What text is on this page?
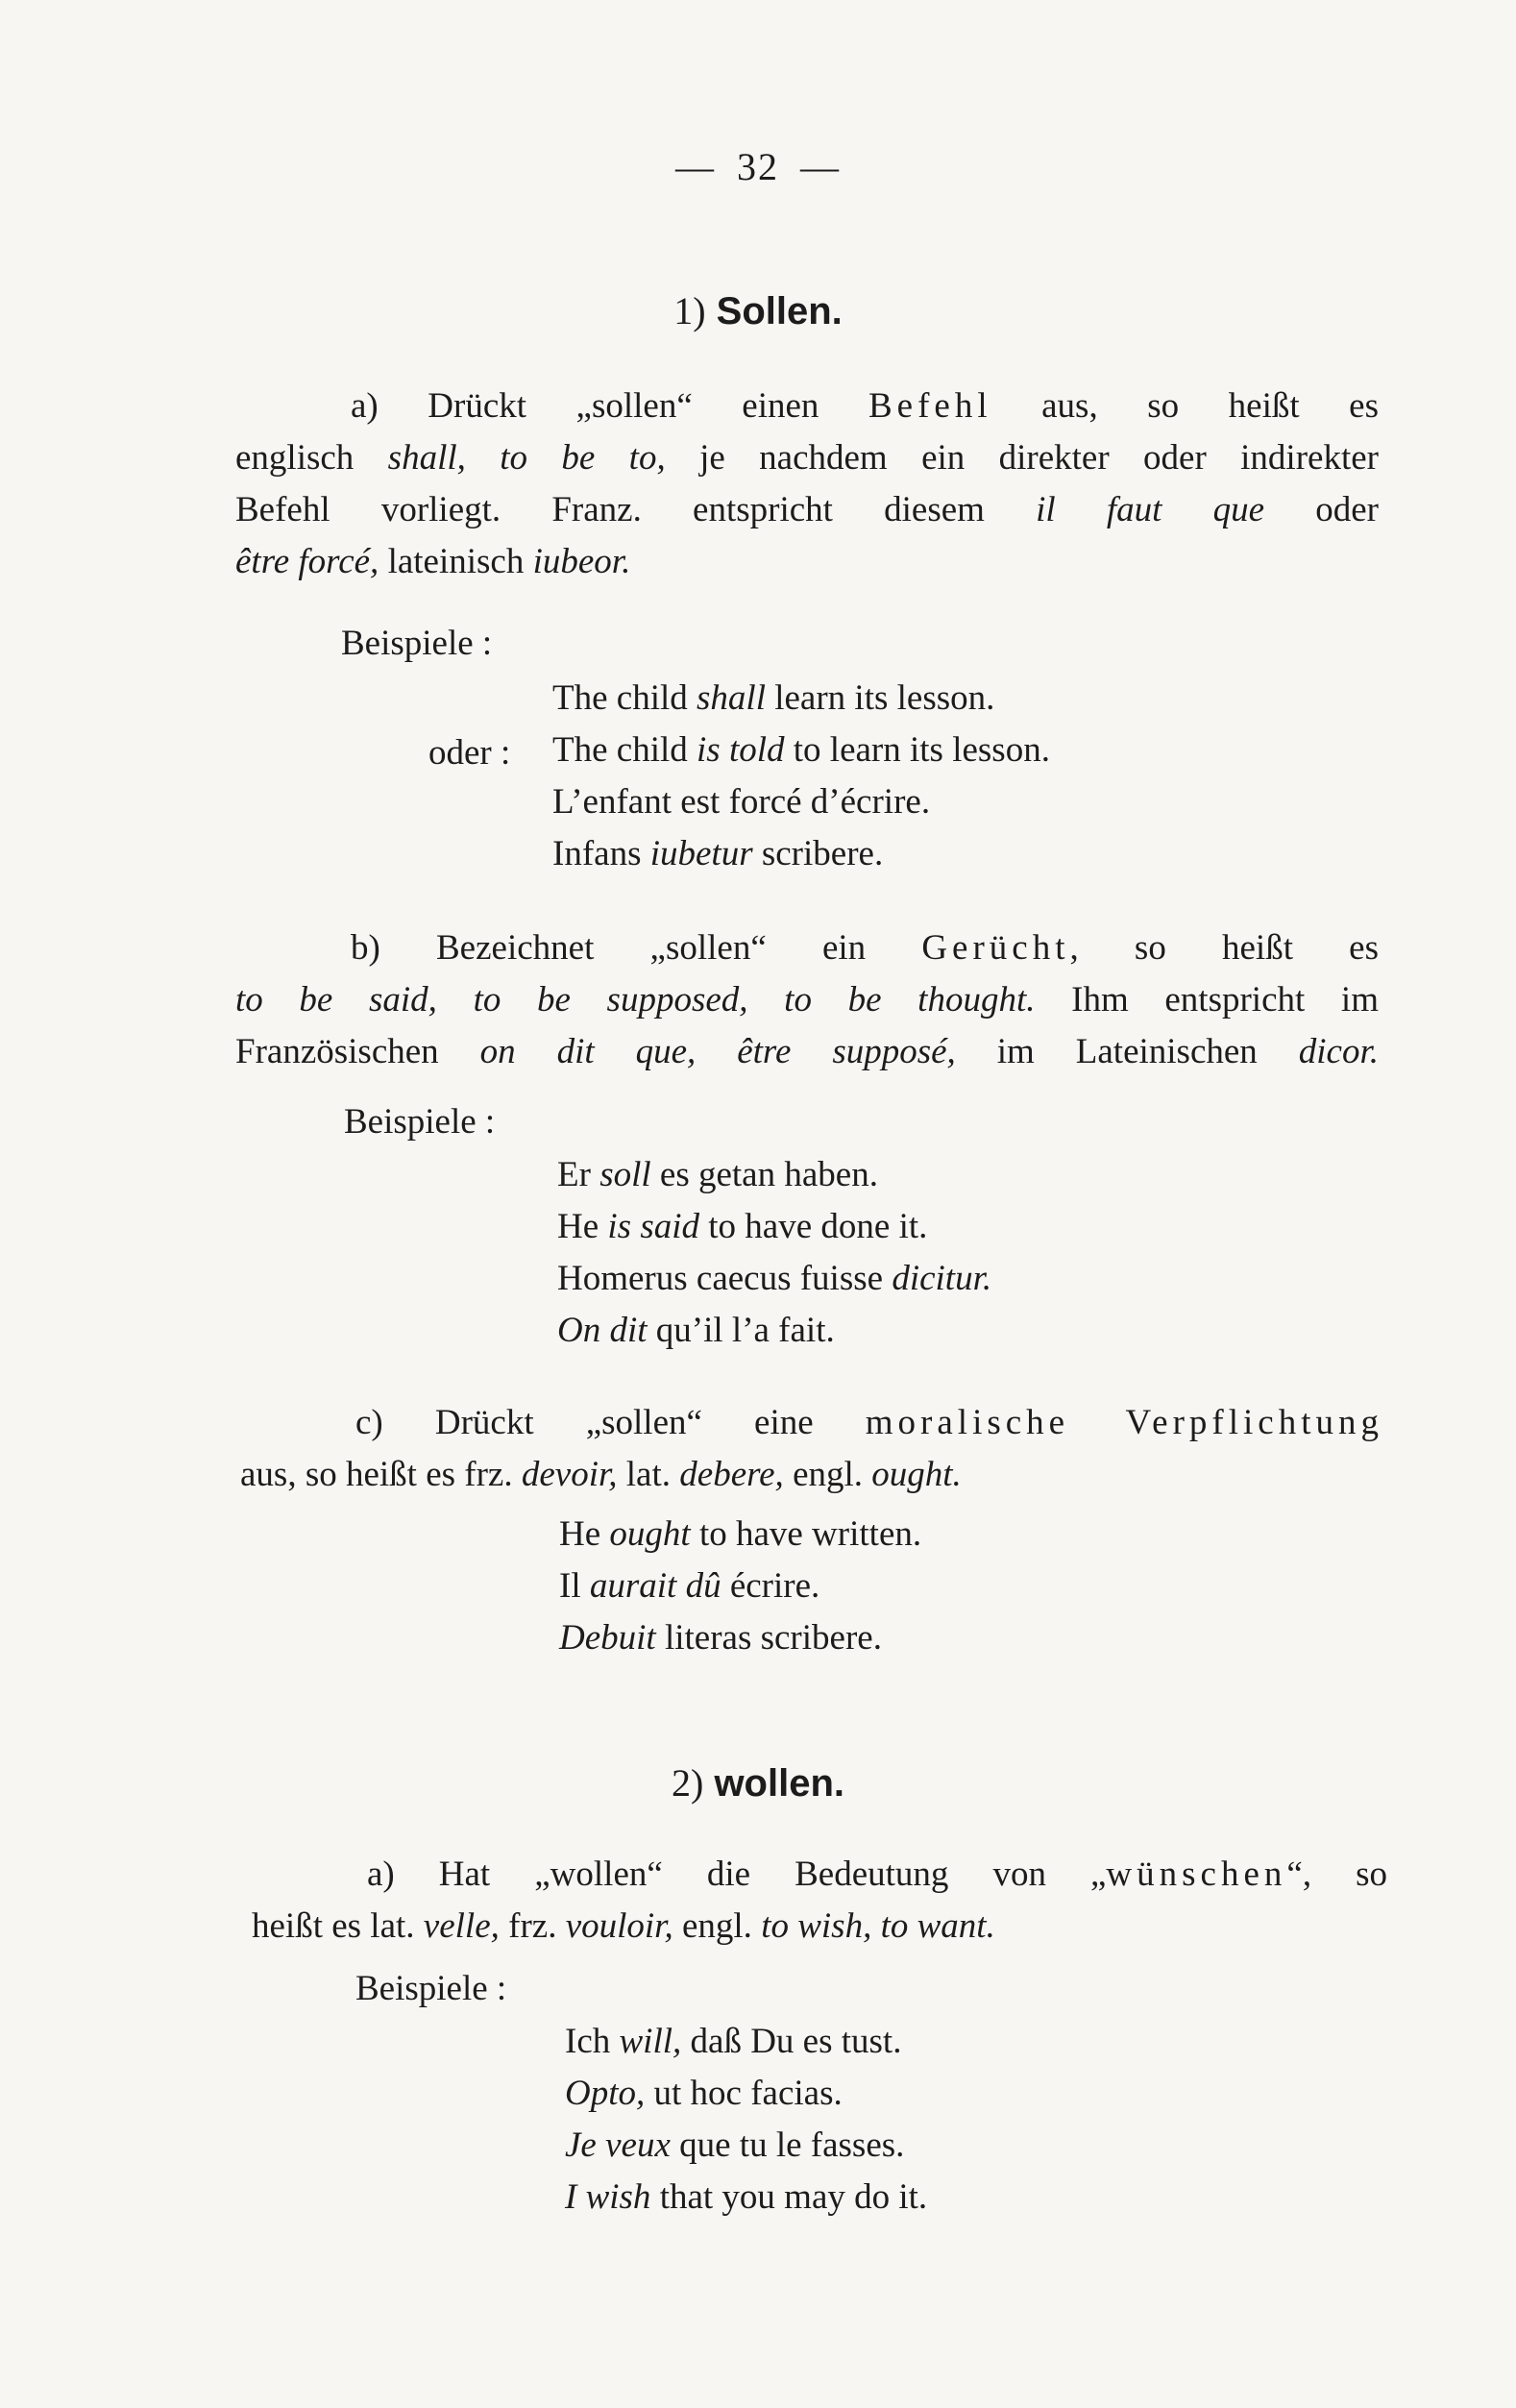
— 32 —
1) Sollen.
a) Drückt „sollen“ einen Befehl aus, so heißt es
englisch shall, to be to, je nachdem ein direkter oder indirekter
Befehl vorliegt. Franz. entspricht diesem il faut que oder
être forcé, lateinisch iubeor.
Beispiele :
oder :
The child shall learn its lesson.
The child is told to learn its lesson.
L’enfant est forcé d’écrire.
Infans iubetur scribere.
b) Bezeichnet „sollen“ ein Gerücht, so heißt es
to be said, to be supposed, to be thought. Ihm entspricht im
Französischen on dit que, être supposé, im Lateinischen dicor.
Beispiele :
Er soll es getan haben.
He is said to have done it.
Homerus caecus fuisse dicitur.
On dit qu’il l’a fait.
c) Drückt „sollen“ eine moralische Verpflichtung
aus, so heißt es frz. devoir, lat. debere, engl. ought.
He ought to have written.
Il aurait dû écrire.
Debuit literas scribere.
2) wollen.
a) Hat „wollen“ die Bedeutung von „wünschen“, so
heißt es lat. velle, frz. vouloir, engl. to wish, to want.
Beispiele :
Ich will, daß Du es tust.
Opto, ut hoc facias.
Je veux que tu le fasses.
I wish that you may do it.
